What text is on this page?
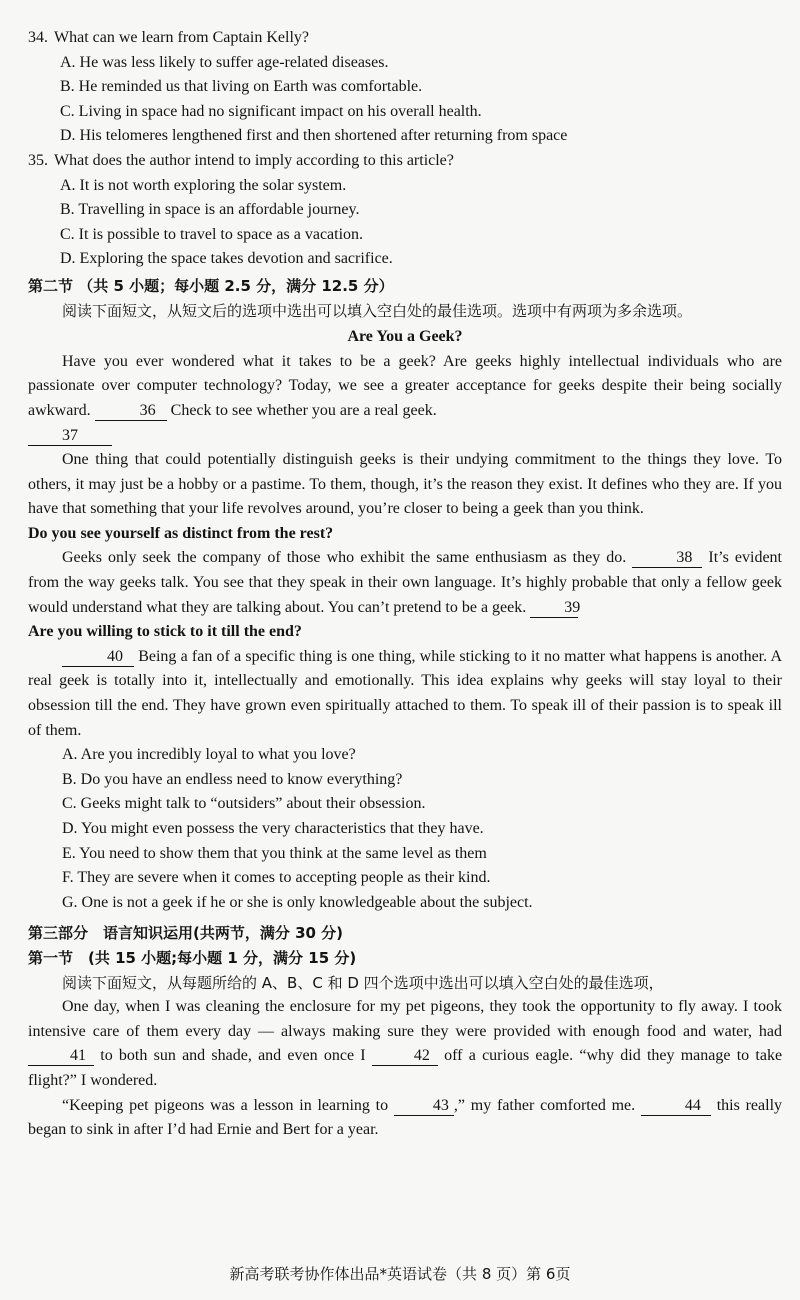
34. What can we learn from Captain Kelly?
A. He was less likely to suffer age-related diseases.
B. He reminded us that living on Earth was comfortable.
C. Living in space had no significant impact on his overall health.
D. His telomeres lengthened first and then shortened after returning from space
35. What does the author intend to imply according to this article?
A. It is not worth exploring the solar system.
B. Travelling in space is an affordable journey.
C. It is possible to travel to space as a vacation.
D. Exploring the space takes devotion and sacrifice.
第二节 （共 5 小题；每小题 2.5 分，满分 12.5 分）
阅读下面短文，从短文后的选项中选出可以填入空白处的最佳选项。选项中有两项为多余选项。
Are You a Geek?
Have you ever wondered what it takes to be a geek? Are geeks highly intellectual individuals who are passionate over computer technology? Today, we see a greater acceptance for geeks despite their being socially awkward.	36 Check to see whether you are a real geek.
37
One thing that could potentially distinguish geeks is their undying commitment to the things they love. To others, it may just be a hobby or a pastime. To them, though, it’s the reason they exist. It defines who they are. If you have that something that your life revolves around, you’re closer to being a geek than you think.
Do you see yourself as distinct from the rest?
Geeks only seek the company of those who exhibit the same enthusiasm as they do.	38 It’s evident from the way geeks talk. You see that they speak in their own language. It’s highly probable that only a fellow geek would understand what they are talking about. You can’t pretend to be a geek. 39
Are you willing to stick to it till the end?
40 Being a fan of a specific thing is one thing, while sticking to it no matter what happens is another. A real geek is totally into it, intellectually and emotionally. This idea explains why geeks will stay loyal to their obsession till the end. They have grown even spiritually attached to them. To speak ill of their passion is to speak ill of them.
A. Are you incredibly loyal to what you love?
B. Do you have an endless need to know everything?
C. Geeks might talk to “outsiders” about their obsession.
D. You might even possess the very characteristics that they have.
E. You need to show them that you think at the same level as them
F. They are severe when it comes to accepting people as their kind.
G. One is not a geek if he or she is only knowledgeable about the subject.
第三部分　语言知识运用(共两节，满分 30 分)
第一节　(共 15 小题;每小题 1 分，满分 15 分)
阅读下面短文，从每题所给的 A、B、C 和 D 四个选项中选出可以填入空白处的最佳选项，
One day, when I was cleaning the enclosure for my pet pigeons, they took the opportunity to fly away. I took intensive care of them every day — always making sure they were provided with enough food and water, had 41 to both sun and shade, and even once I	42 off a curious eagle. “why did they manage to take flight?” I wondered.
“Keeping pet pigeons was a lesson in learning to	43 ,” my father comforted me.	44 this really began to sink in after I’d had Ernie and Bert for a year.
新高考联考协作体出品*英语试卷（共 8 页）第 6页
